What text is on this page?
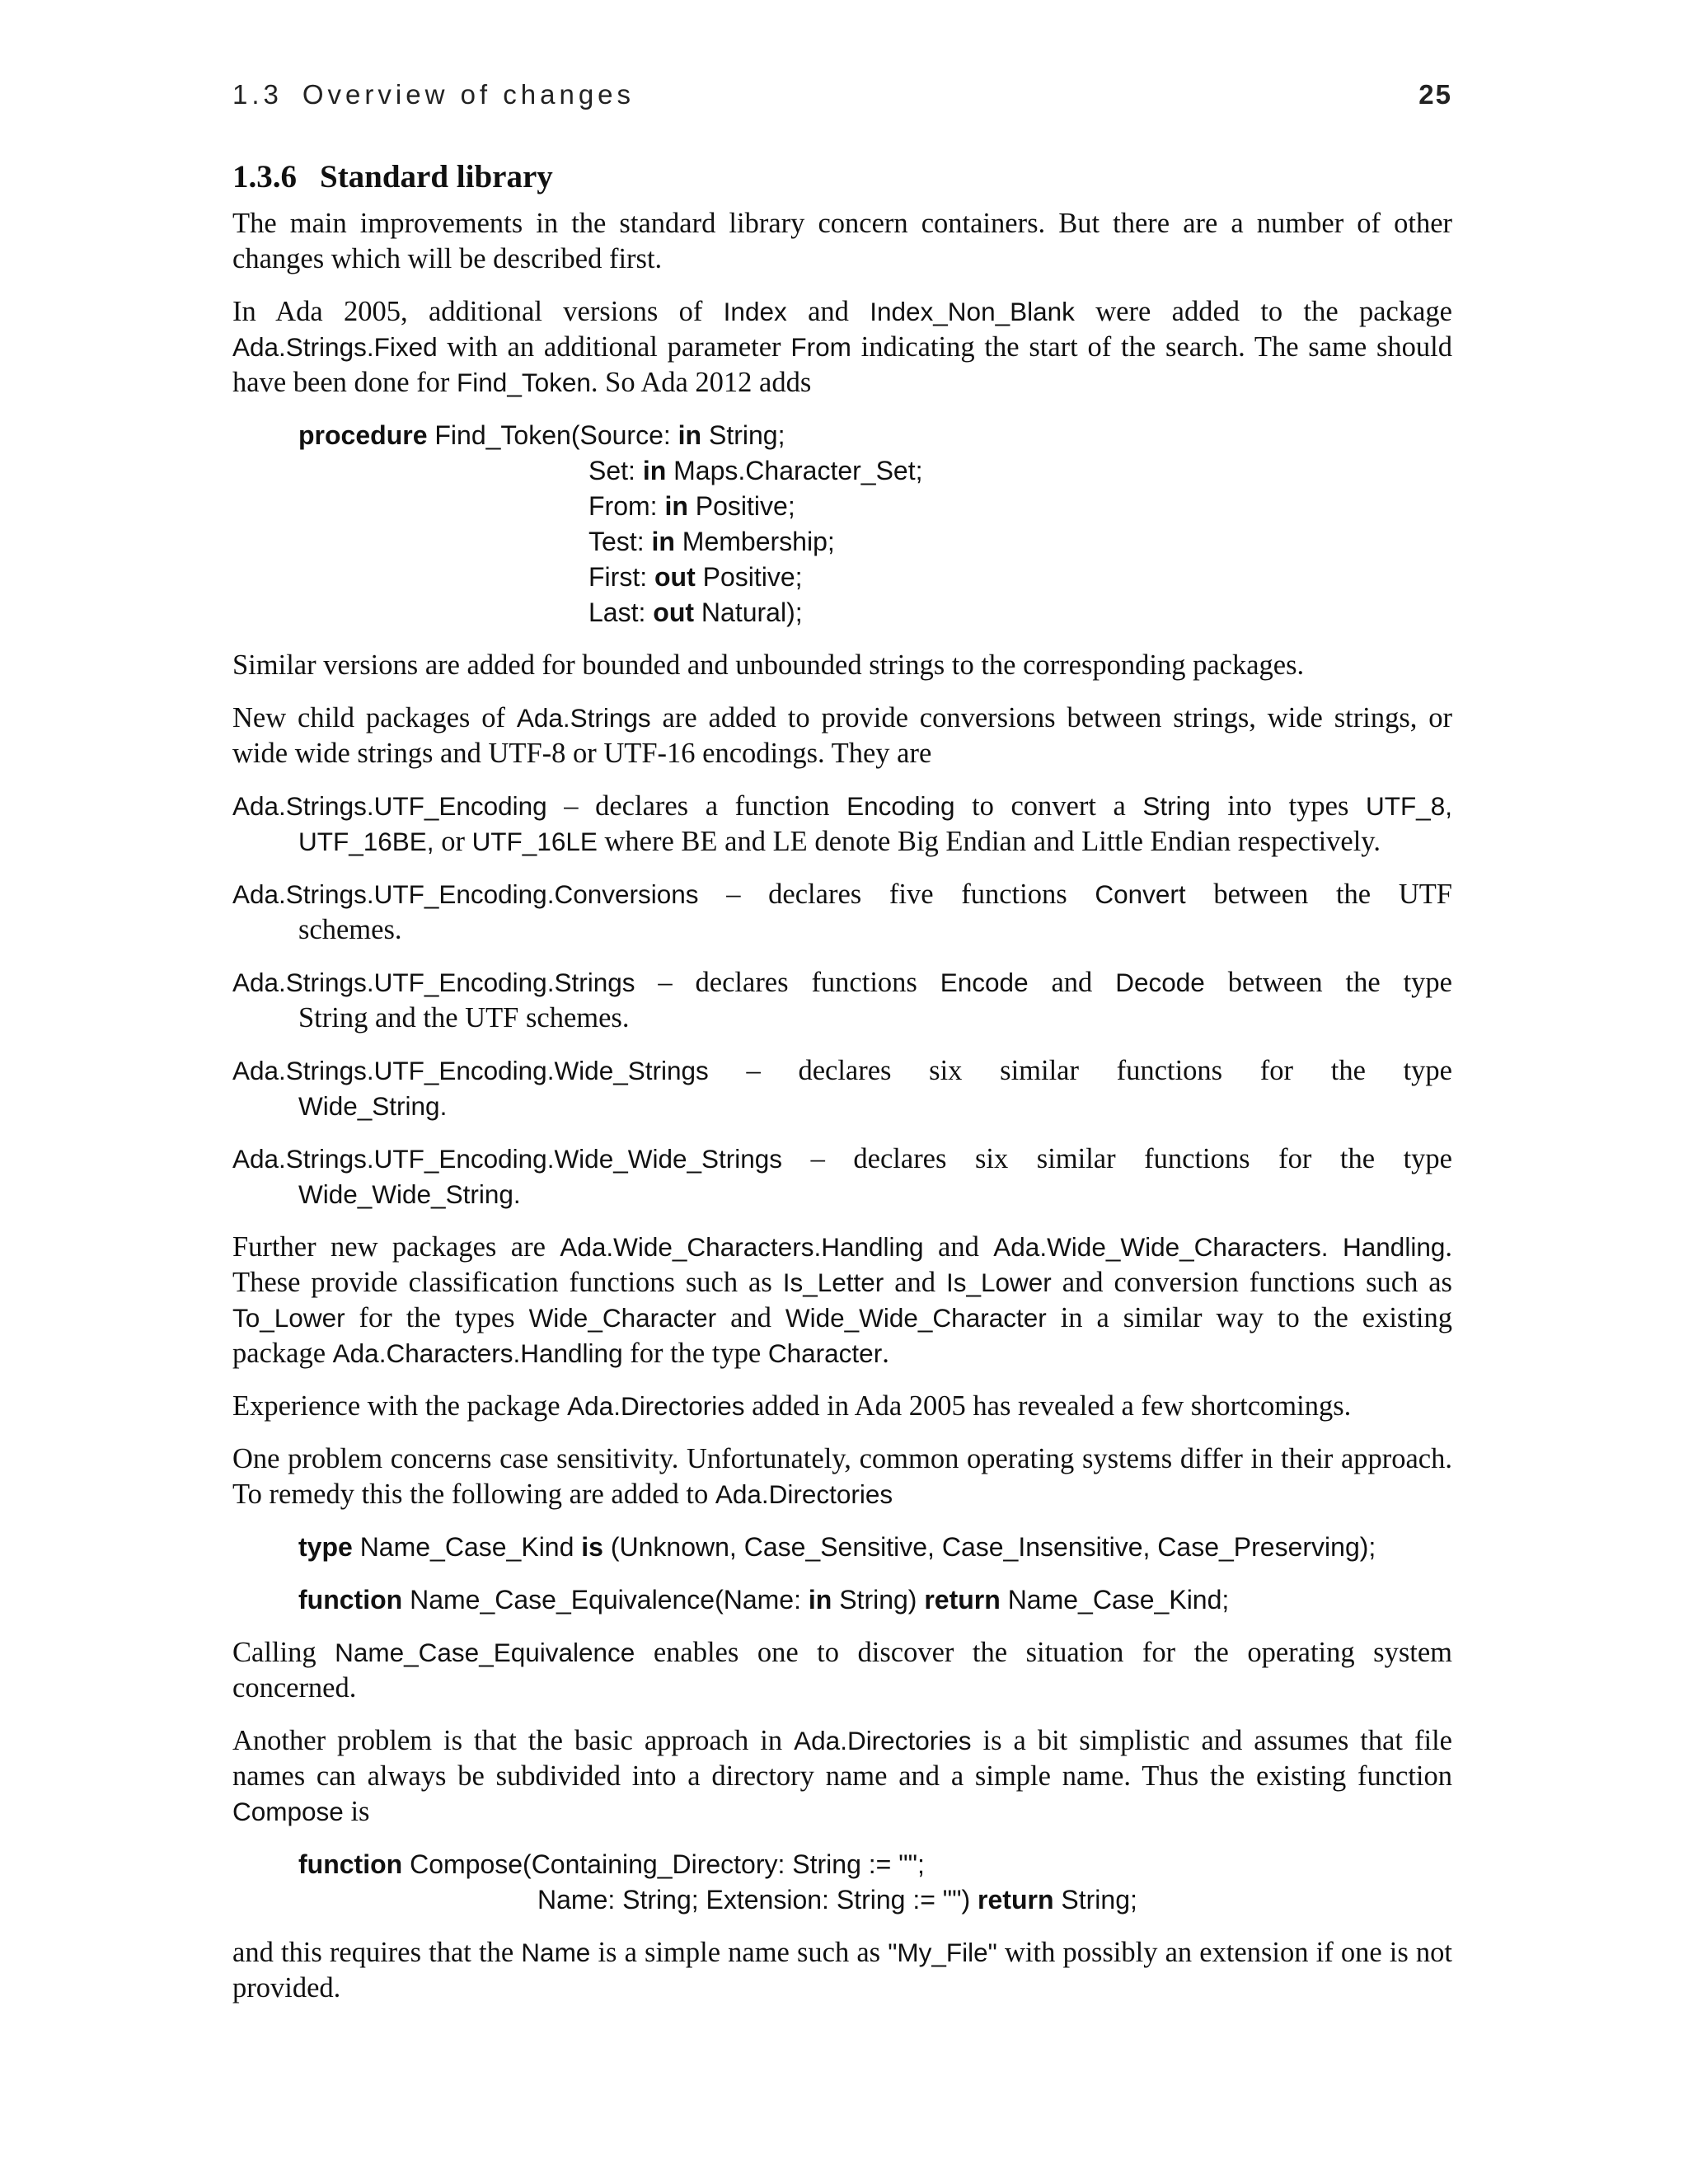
1.3 Overview of changes	25
1.3.6 Standard library

The main improvements in the standard library concern containers. But there are a number of other changes which will be described first.

In Ada 2005, additional versions of Index and Index_Non_Blank were added to the package Ada.Strings.Fixed with an additional parameter From indicating the start of the search. The same should have been done for Find_Token. So Ada 2012 adds

procedure Find_Token(Source: in String;
Set: in Maps.Character_Set;
From: in Positive;
Test: in Membership;
First: out Positive;
Last: out Natural);

Similar versions are added for bounded and unbounded strings to the corresponding packages.

New child packages of Ada.Strings are added to provide conversions between strings, wide strings, or wide wide strings and UTF-8 or UTF-16 encodings. They are

Ada.Strings.UTF_Encoding – declares a function Encoding to convert a String into types UTF_8,
UTF_16BE, or UTF_16LE where BE and LE denote Big Endian and Little Endian respectively.
Ada.Strings.UTF_Encoding.Conversions – declares five functions Convert between the UTF
schemes.
Ada.Strings.UTF_Encoding.Strings – declares functions Encode and Decode between the type
String and the UTF schemes.
Ada.Strings.UTF_Encoding.Wide_Strings – declares six similar functions for the type
Wide_String.
Ada.Strings.UTF_Encoding.Wide_Wide_Strings – declares six similar functions for the type
Wide_Wide_String.

Further new packages are Ada.Wide_Characters.Handling and Ada.Wide_Wide_Characters. Handling. These provide classification functions such as Is_Letter and Is_Lower and conversion functions such as To_Lower for the types Wide_Character and Wide_Wide_Character in a similar way to the existing package Ada.Characters.Handling for the type Character.

Experience with the package Ada.Directories added in Ada 2005 has revealed a few shortcomings.

One problem concerns case sensitivity. Unfortunately, common operating systems differ in their approach. To remedy this the following are added to Ada.Directories

type Name_Case_Kind is (Unknown, Case_Sensitive, Case_Insensitive, Case_Preserving);
function Name_Case_Equivalence(Name: in String) return Name_Case_Kind;

Calling Name_Case_Equivalence enables one to discover the situation for the operating system concerned.

Another problem is that the basic approach in Ada.Directories is a bit simplistic and assumes that file names can always be subdivided into a directory name and a simple name. Thus the existing function Compose is

function Compose(Containing_Directory: String := "";
Name: String; Extension: String := "") return String;

and this requires that the Name is a simple name such as "My_File" with possibly an extension if one is not provided.
